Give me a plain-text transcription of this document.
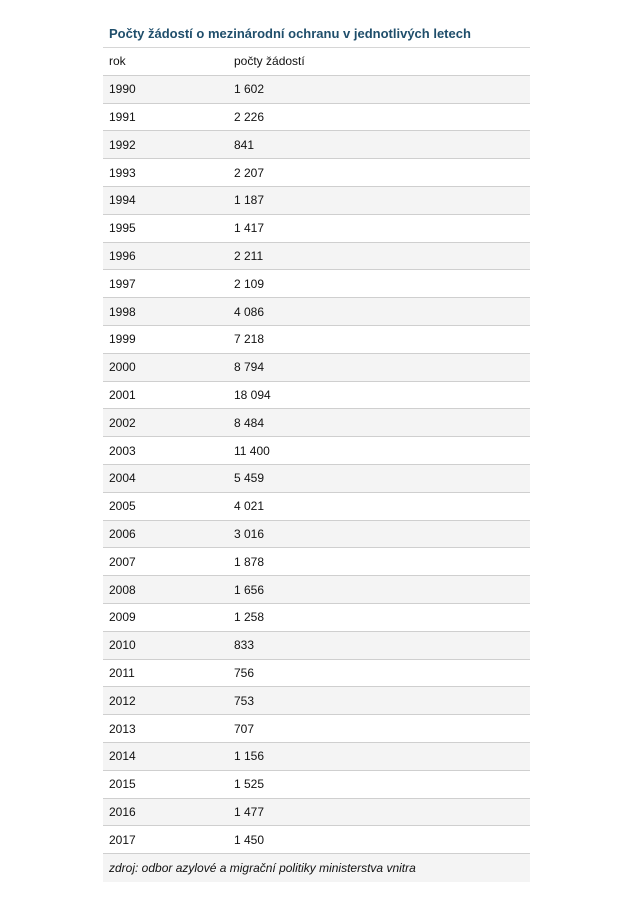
Počty žádostí o mezinárodní ochranu v jednotlivých letech
rok	počty žádostí
1990	1 602
1991	2 226
1992	841
1993	2 207
1994	1 187
1995	1 417
1996	2 211
1997	2 109
1998	4 086
1999	7 218
2000	8 794
2001	18 094
2002	8 484
2003	11 400
2004	5 459
2005	4 021
2006	3 016
2007	1 878
2008	1 656
2009	1 258
2010	833
2011	756
2012	753
2013	707
2014	1 156
2015	1 525
2016	1 477
2017	1 450
zdroj: odbor azylové a migrační politiky ministerstva vnitra
